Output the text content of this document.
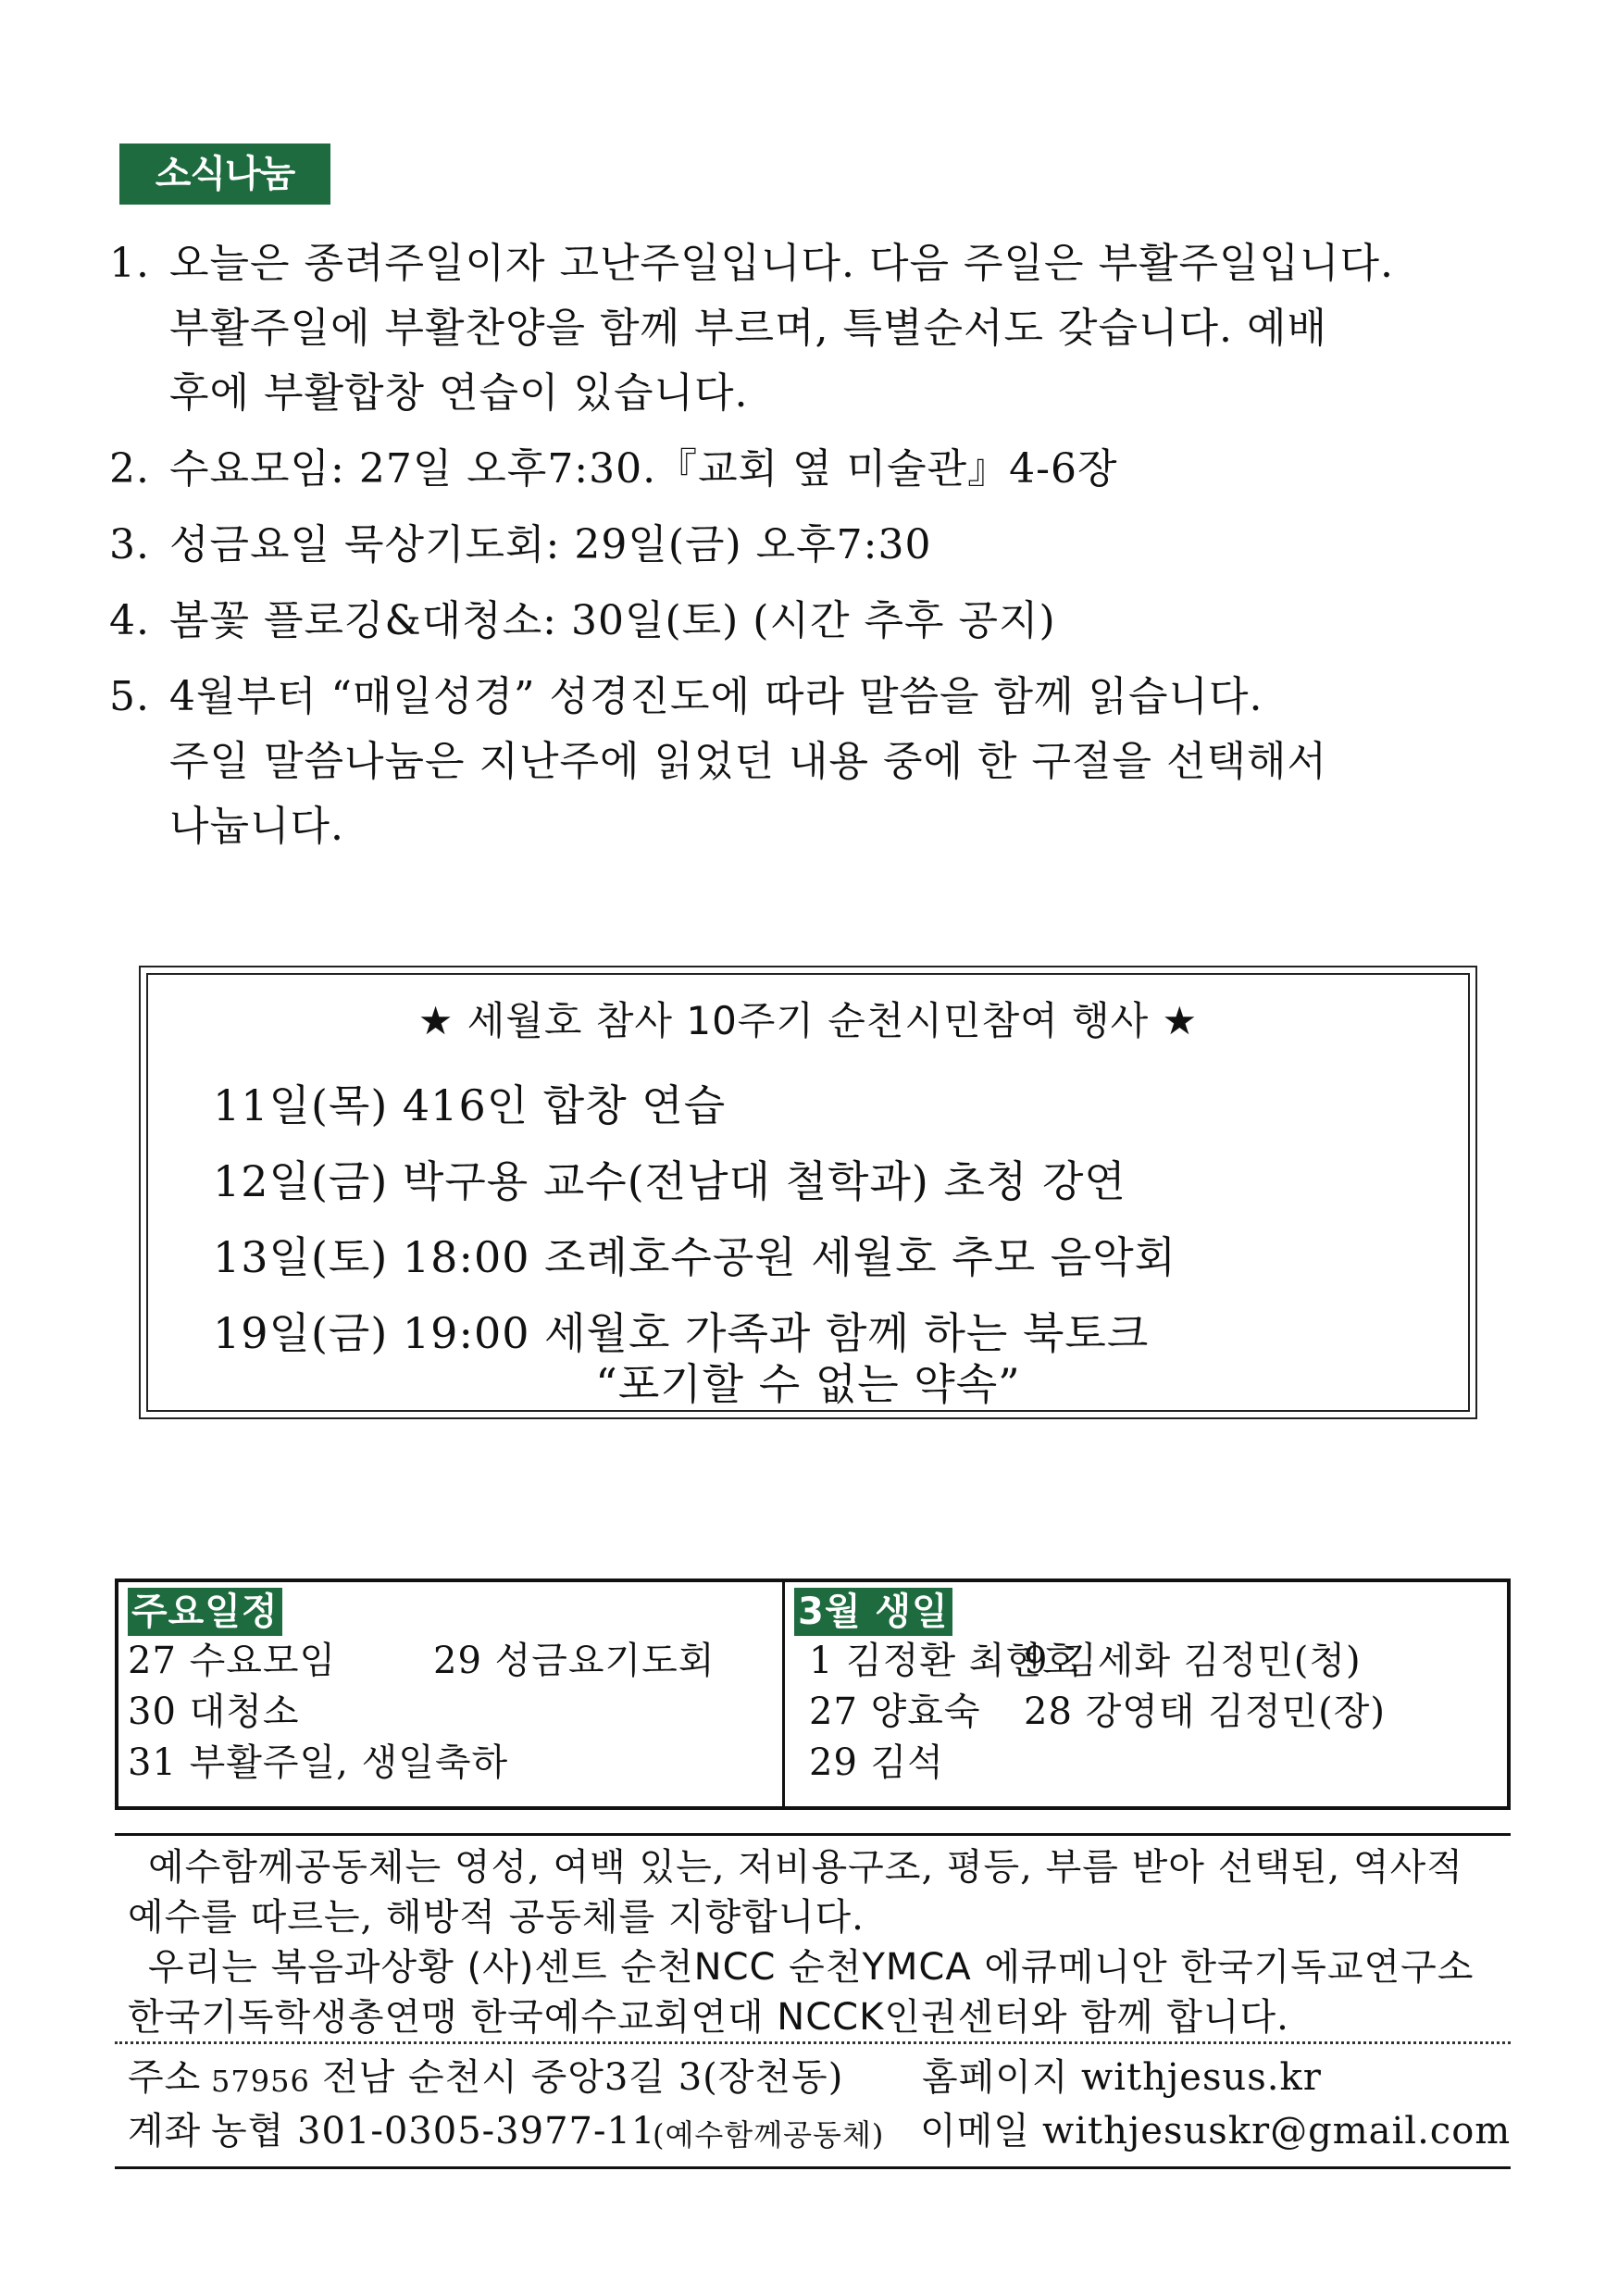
소식나눔
1. 오늘은 종려주일이자 고난주일입니다. 다음 주일은 부활주일입니다.
부활주일에 부활찬양을 함께 부르며, 특별순서도 갖습니다. 예배
후에 부활합창 연습이 있습니다.
2. 수요모임: 27일 오후7:30.『교회 옆 미술관』4-6장
3. 성금요일 묵상기도회: 29일(금) 오후7:30
4. 봄꽃 플로깅&대청소: 30일(토) (시간 추후 공지)
5. 4월부터 “매일성경” 성경진도에 따라 말씀을 함께 읽습니다.
주일 말씀나눔은 지난주에 읽었던 내용 중에 한 구절을 선택해서
나눕니다.
★ 세월호 참사 10주기 순천시민참여 행사 ★
11일(목) 416인 합창 연습
12일(금) 박구용 교수(전남대 철학과) 초청 강연
13일(토) 18:00 조례호수공원 세월호 추모 음악회
19일(금) 19:00 세월호 가족과 함께 하는 북토크
“포기할 수 없는 약속”
주요일정
27 수요모임	29 성금요기도회
30 대청소
31 부활주일, 생일축하
3월 생일
1 김정환 최현호
9 김세화 김정민(청)
27 양효숙 28 강영태 김정민(장)
29 김석
예수함께공동체는 영성, 여백 있는, 저비용구조, 평등, 부름 받아 선택된, 역사적
예수를 따르는, 해방적 공동체를 지향합니다.
우리는 복음과상황 (사)센트 순천NCC 순천YMCA 에큐메니안 한국기독교연구소
한국기독학생총연맹 한국예수교회연대 NCCK인권센터와 함께 합니다.
주소 57956 전남 순천시 중앙3길 3(장천동) 홈페이지 withjesus.kr
계좌 농협 301-0305-3977-11
(예수함께공동체) 이메일 withjesuskr@gmail.com
